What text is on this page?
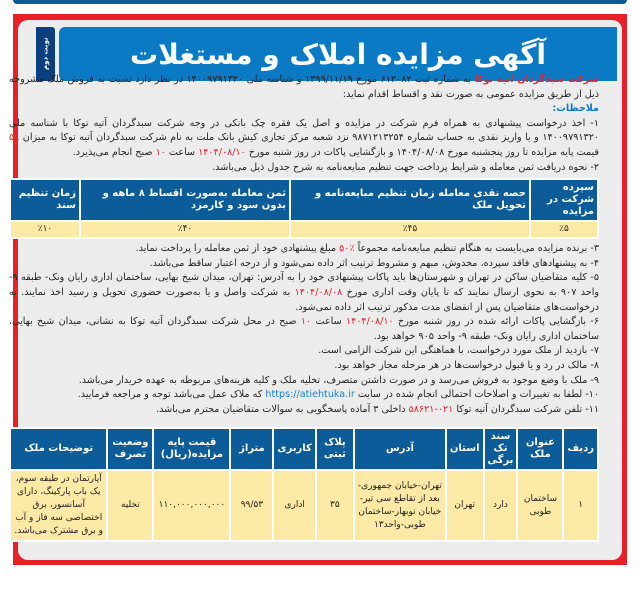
نوبت دوم	آگهی مزایده املاک و مستغلات

شرکت سبدگردان آتیه توکا به شماره ثبت ۶۱۲۰۸۲ مورخ ۱۳۹۹/۱۱/۱۹ و شناسه ملی ۱۴۰۰۹۷۹۱۳۲۰ در نظر دارد نسبت به فروش ملک مشروحه ذیل از طریق مزایده عمومی به صورت نقد و اقساط اقدام نماید:

ملاحظات:

۱- اخذ درخواست پیشنهادی به همراه فرم شرکت در مزایده و اصل یک فقره چک بانکی در وجه شرکت سبدگردان آتیه توکا با شناسه ملی ۱۴۰۰۹۷۹۱۳۲۰ و یا واریز نقدی به حساب شماره ۹۸۷۱۲۱۳۲۵۴ نزد شعبه مرکز تجاری کیش بانک ملت به نام شرکت سبدگردان آتیه توکا به میزان ٪۵ قیمت پایه مزایده تا روز پنجشنبه مورخ ۱۴۰۴/۰۸/۰۸ و بازگشایی پاکات در روز شنبه مورخ ۱۴۰۴/۰۸/۱۰ ساعت ۱۰ صبح انجام می‌پذیرد.

۲- نحوه دریافت ثمن معامله و شرایط پرداخت جهت تنظیم مبایعه‌نامه به شرح جدول ذیل می‌باشد.

سپرده شرکت در مزایده	حصه نقدی معامله زمان تنظیم مبایعه‌نامه و تحویل ملک	ثمن معامله به‌صورت اقساط ۸ ماهه و بدون سود و کارمزد	زمان تنظیم سند
٪۵	٪۴۵	٪۴۰	٪۱۰

۳- برنده مزایده می‌بایست به هنگام تنظیم مبایعه‌نامه مجموعاً ٪۵۰ مبلغ پیشنهادی خود از ثمن معامله را پرداخت نماید.

۴- به پیشنهادهای فاقد سپرده، مخدوش، مبهم و مشروط ترتیب اثر داده نمی‌شود و از درجه اعتبار ساقط می‌باشد.

۵- کلیه متقاضیان ساکن در تهران و شهرستان‌ها باید پاکات پیشنهادی خود را به آدرس: تهران، میدان شیخ بهایی، ساختمان اداری رایان ونک- طبقه ۹- واحد ۹۰۷ به نحوی ارسال نمایند که تا پایان وقت اداری مورخ ۱۴۰۴/۰۸/۰۸ به شرکت واصل و یا به‌صورت حضوری تحویل و رسید اخذ نمایند. به درخواست‌های متقاضیان پس از انقضای مدت مذکور ترتیب اثر داده نمی‌شود.

۶- بازگشایی پاکات ارائه شده در روز شنبه مورخ ۱۴۰۴/۰۸/۱۰ ساعت ۱۰ صبح در محل شرکت سبدگردان آتیه توکا به نشانی، میدان شیخ بهایی، ساختمان اداری رایان ونک- طبقه ۹- واحد ۹۰۵ خواهد بود.

۷- بازدید از ملک مورد درخواست، با هماهنگی این شرکت الزامی است.

۸- مالک در رد و یا قبول درخواست‌ها در هر مرحله مجاز خواهد بود.

۹- ملک با وضع موجود به فروش می‌رسد و در صورت داشتن متصرف، تخلیه ملک و کلیه هزینه‌های مربوطه به عهده خریدار می‌باشد.

۱۰- لطفا به تغییرات و اصلاحات احتمالی انجام شده در سایت https://atiehtuka.ir که ملاک عمل می‌باشد توجه و مراجعه فرمایید.

۱۱- تلفن شرکت سبدگردان آتیه توکا ۰۲۱-۵۸۶۲۱ داخلی ۳ آماده پاسخگویی به سوالات متقاضیان محترم می‌باشد.

ردیف	عنوان ملک	سند تک برگی	استان	آدرس	پلاک ثبتی	کاربری	متراژ	قیمت پایه مزایده(ریال)	وضعیت تصرف	توضیحات ملک
۱	ساختمان طوبی	دارد	تهران	تهران-خیابان جمهوری- بعد از تقاطع سی تیر- خیابان نوبهار-ساختمان طوبی-واحد۱۳	۳۵	اداری	۹۹/۵۳	۱۱۰,۰۰۰,۰۰۰,۰۰۰	تخلیه	آپارتمان در طبقه سوم، یک باب پارکینگ، دارای آسانسور، برق اختصاصی سه فاز و آب و برق مشترک می‌باشد.
